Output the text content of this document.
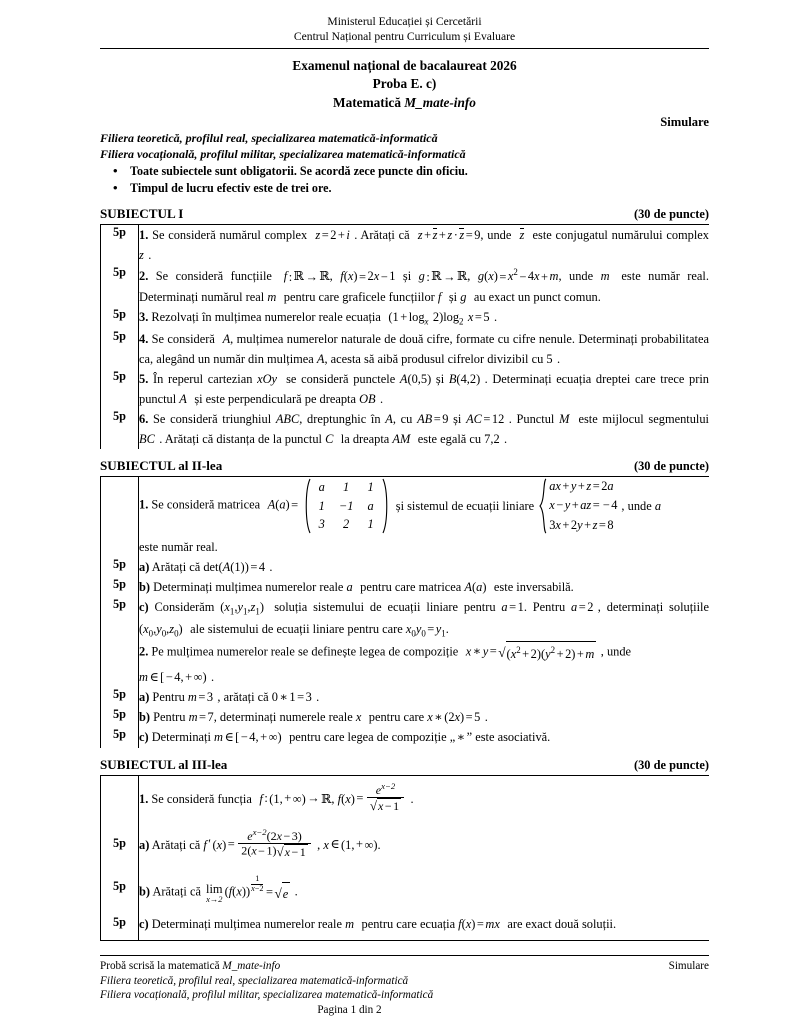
Ministerul Educației și Cercetării
Centrul Național pentru Curriculum și Evaluare
Examenul național de bacalaureat 2026
Proba E. c)
Matematică M_mate-info
Simulare
Filiera teoretică, profilul real, specializarea matematică-informatică
Filiera vocațională, profilul militar, specializarea matematică-informatică
• Toate subiectele sunt obligatorii. Se acordă zece puncte din oficiu.
• Timpul de lucru efectiv este de trei ore.
SUBIECTUL I	(30 de puncte)
5p	1. Se consideră numărul complex z = 2 + i . Arătați că z + z + z · z = 9, unde z este conjugatul numărului complex z .
5p	2. Se consideră funcțiile f : ℝ → ℝ, f(x) = 2x − 1 și g : ℝ → ℝ, $g(x) = x^2 - 4x + m$, unde m este număr real. Determinați numărul real m pentru care graficele funcțiilor f și g au exact un punct comun.
5p	3. Rezolvați în mulțimea numerelor reale ecuația $(1 + \log_x 2)\log_2$ x = 5 .
5p	4. Se consideră A, mulțimea numerelor naturale de două cifre, formate cu cifre nenule. Determinați probabilitatea ca, alegând un număr din mulțimea A, acesta să aibă produsul cifrelor divizibil cu 5 .
5p	5. În reperul cartezian xOy se consideră punctele A(0,5) și B(4,2) . Determinați ecuația dreptei care trece prin punctul A și este perpendiculară pe dreapta OB .
5p	6. Se consideră triunghiul ABC, dreptunghic în A, cu AB = 9 și AC = 12 . Punctul M este mijlocul segmentului BC . Arătați că distanța de la punctul C la dreapta AM este egală cu 7,2 .
SUBIECTUL al II-lea	(30 de puncte)

1. Se consideră matricea A(a) =a	1	1
1	−1	a
3	2	1 și sistemul de ecuații liniare ax + y + z = 2a
x − y + az = − 4
3x + 2y + z = 8, unde a
este număr real.

5p	a) Arătați că det(A(1)) = 4 .
5p	b) Determinați mulțimea numerelor reale a pentru care matricea A(a) este inversabilă.
5p	c) Considerăm $(x_1,y_1,z_1)$ soluția sistemului de ecuații liniare pentru a = 1. Pentru a = 2 , determinați soluțiile $(x_0,y_0,z_0)$ ale sistemului de ecuații liniare pentru care $x_0y_0 = y_1$.
	2. Pe mulțimea numerelor reale se definește legea de compoziție x ∗ $y = √(x^2 + 2)(y^2 + 2) + m$ , unde
m ∈ [ − 4, + ∞) .

5p	a) Pentru m = 3 , arătați că 0 ∗ 1 = 3 .
5p	b) Pentru m = 7, determinați numerele reale x pentru care x ∗ (2x) = 5 .
5p	c) Determinați m ∈ [ − 4, + ∞) pentru care legea de compoziție „ ∗ ” este asociativă.
SUBIECTUL al III-lea	(30 de puncte)
	1. Se consideră funcția f : (1, + ∞) → ℝ, $f(x) = \frac{e^{x-2}}{√x - 1}$ .
5p	a) Arătați că f ′ $(x) = \frac{e^{x-2}(2x - 3)}{2(x - 1)√x - 1}$ , x ∈ (1, + ∞).
5p	b) Arătați că lim
x→2
$(f(x)) \frac{1}{x-2} = √e$ .
5p	c) Determinați mulțimea numerelor reale m pentru care ecuația f(x) = mx are exact două soluții.
Probă scrisă la matematică M_mate-info	Simulare
Filiera teoretică, profilul real, specializarea matematică-informatică
Filiera vocațională, profilul militar, specializarea matematică-informatică
Pagina 1 din 2
